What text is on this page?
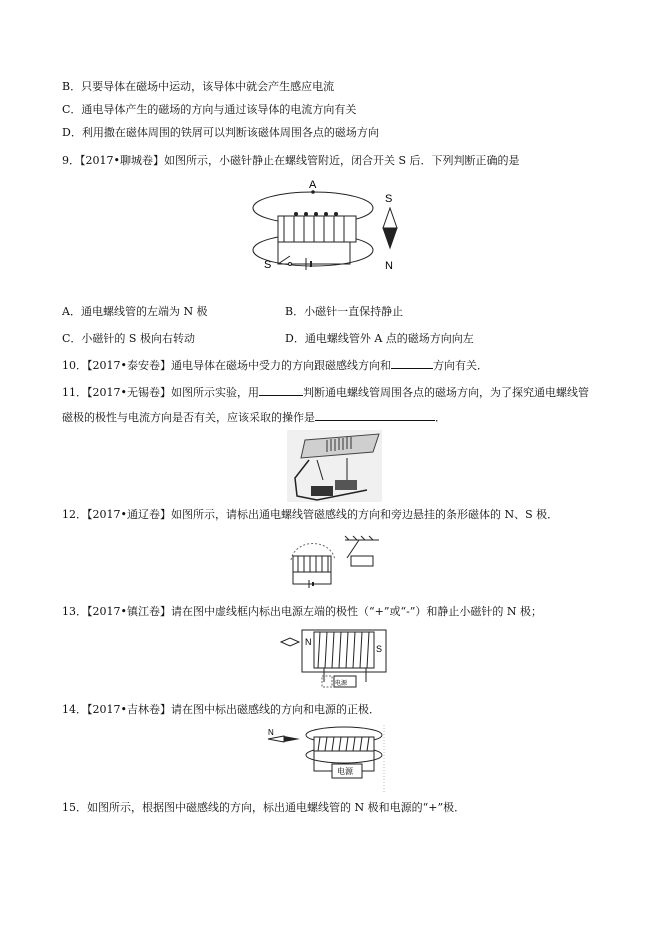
B．只要导体在磁场中运动，该导体中就会产生感应电流
C．通电导体产生的磁场的方向与通过该导体的电流方向有关
D．利用撒在磁体周围的铁屑可以判断该磁体周围各点的磁场方向
9．【2017•聊城卷】如图所示，小磁针静止在螺线管附近，闭合开关 S 后．下列判断正确的是
A
S
S
N
A．通电螺线管的左端为 N 极	B．小磁针一直保持静止
C．小磁针的 S 极向右转动	D．通电螺线管外 A 点的磁场方向向左
10．【2017•泰安卷】通电导体在磁场中受力的方向跟磁感线方向和	方向有关．
11．【2017•无锡卷】如图所示实验，用	判断通电螺线管周围各点的磁场方向，为了探究通电螺线管
磁极的极性与电流方向是否有关，应该采取的操作是	．
12．【2017•通辽卷】如图所示，请标出通电螺线管磁感线的方向和旁边悬挂的条形磁体的 N、S 极．
13．【2017•镇江卷】请在图中虚线框内标出电源左端的极性（“+”或“-”）和静止小磁针的 N 极；
N
S
电源
14．【2017•吉林卷】请在图中标出磁感线的方向和电源的正极．
N
电源
15．如图所示，根据图中磁感线的方向，标出通电螺线管的 N 极和电源的“+”极．
